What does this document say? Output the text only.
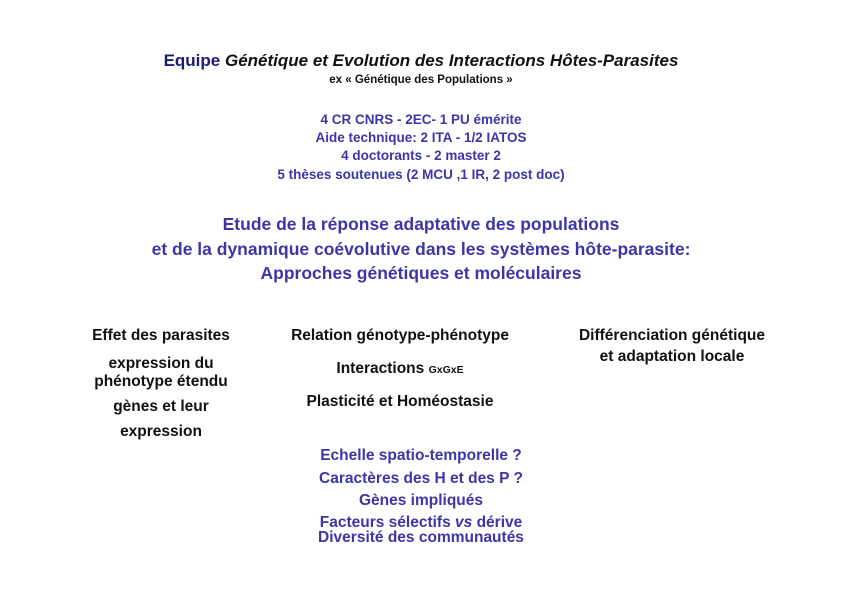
Equipe Génétique et Evolution des Interactions Hôtes-Parasites
ex « Génétique des Populations »
4 CR CNRS - 2EC- 1 PU émérite
Aide technique: 2 ITA - 1/2 IATOS
4 doctorants - 2 master 2
5 thèses soutenues (2 MCU ,1 IR, 2 post doc)
Etude de la réponse adaptative des populations
et de la dynamique coévolutive dans les systèmes hôte-parasite:
Approches génétiques et moléculaires
Effet des parasites
expression du
phénotype étendu
gènes et leur
expression
Relation génotype-phénotype
Interactions GxGxE
Plasticité et Homéostasie
Différenciation génétique
et adaptation locale
Echelle spatio-temporelle ?
Caractères des H et des P ?
Gènes impliqués
Facteurs sélectifs vs dérive
Diversité des communautés
